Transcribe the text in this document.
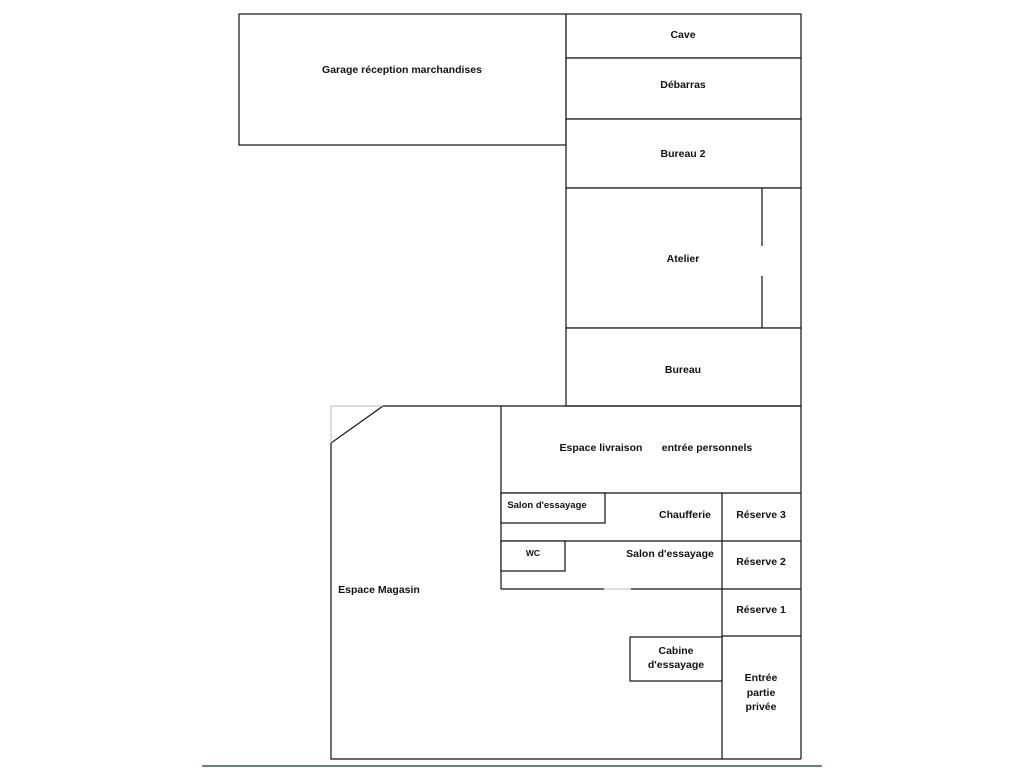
Garage réception marchandises
Cave
Débarras
Bureau 2
Atelier
Bureau
Espace Magasin
Espace livraison entrée personnels
Salon d'essayage
Chaufferie Réserve 3
Réserve 2
Réserve 1
WC	Salon d'essayage
Cabine
d'essayage
Entrée
partie
privée
